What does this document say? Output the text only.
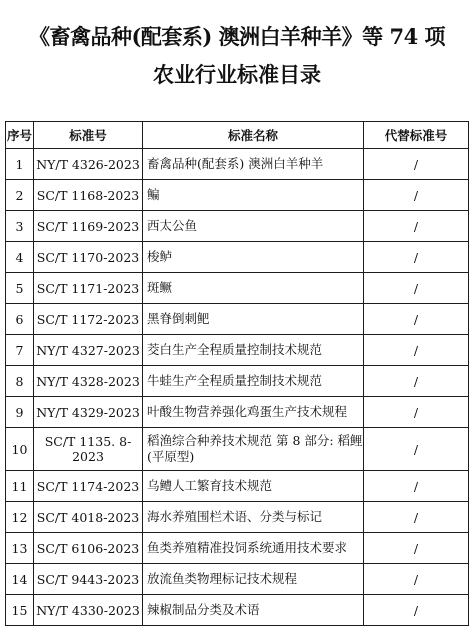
《畜禽品种(配套系) 澳洲白羊种羊》等 74 项
农业行业标准目录
序号	标准号	标准名称	代替标准号
1	NY/T 4326-2023	畜禽品种(配套系) 澳洲白羊种羊	/
2	SC/T 1168-2023	鳊	/
3	SC/T 1169-2023	西太公鱼	/
4	SC/T 1170-2023	梭鲈	/
5	SC/T 1171-2023	斑鳜	/
6	SC/T 1172-2023	黑脊倒刺鲃	/
7	NY/T 4327-2023	茭白生产全程质量控制技术规范	/
8	NY/T 4328-2023	牛蛙生产全程质量控制技术规范	/
9	NY/T 4329-2023	叶酸生物营养强化鸡蛋生产技术规程	/
10	SC/T 1135. 8-2023	稻渔综合种养技术规范 第 8 部分: 稻鲤(平原型)	/
11	SC/T 1174-2023	乌鳢人工繁育技术规范	/
12	SC/T 4018-2023	海水养殖围栏术语、分类与标记	/
13	SC/T 6106-2023	鱼类养殖精准投饲系统通用技术要求	/
14	SC/T 9443-2023	放流鱼类物理标记技术规程	/
15	NY/T 4330-2023	辣椒制品分类及术语	/
